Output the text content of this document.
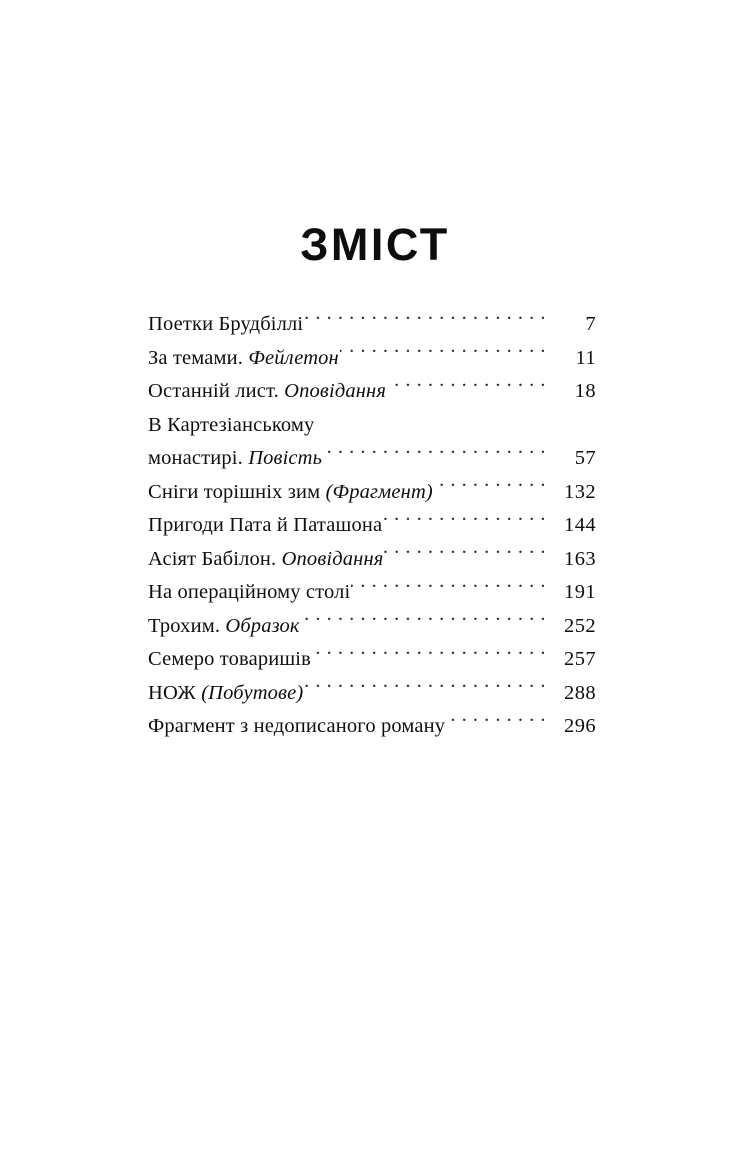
ЗМІСТ
Поетки Брудбіллі . . .	7
За темами. Фейлетон . . .	11
Останній лист. Оповідання . . .	18
В Картезіанському
монастирі. Повість . . .	57
Сніги торішніх зим (Фрагмент) . . .	132
Пригоди Пата й Паташона . . .	144
Асіят Бабілон. Оповідання . . .	163
На операційному столі . . .	191
Трохим. Образок . . .	252
Семеро товаришів . . .	257
НОЖ (Побутове) . . .	288
Фрагмент з недописаного роману . . .	296
